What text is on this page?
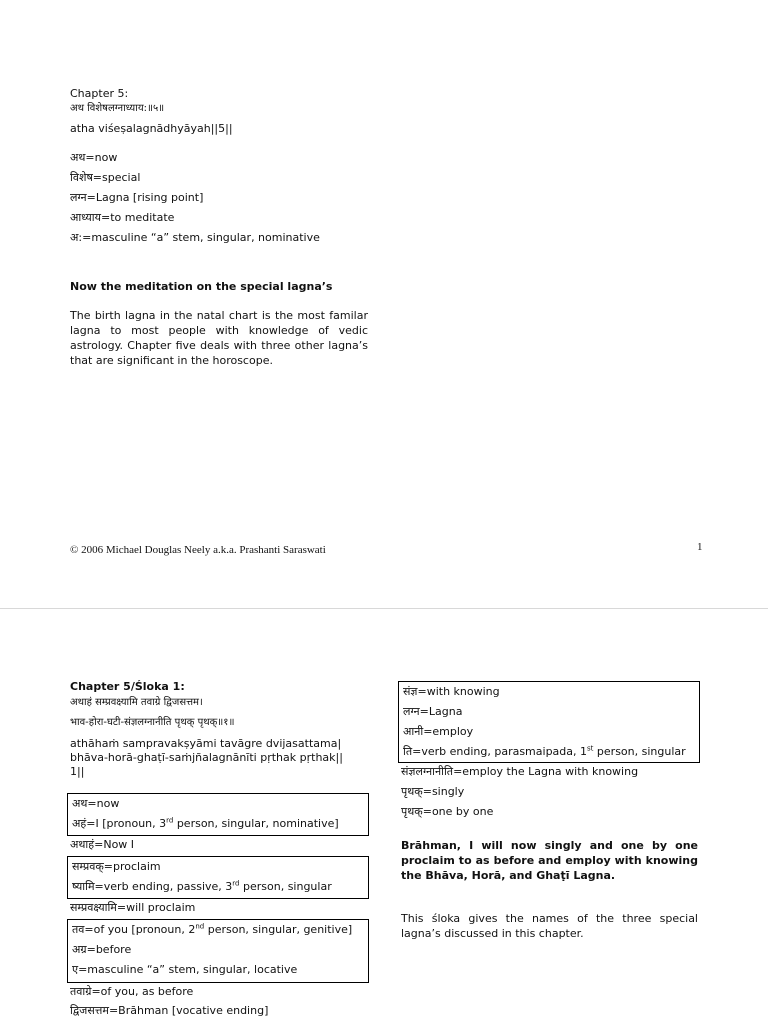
Chapter 5:
अथ विशेषलग्नाध्याय:॥५॥
atha viśeṣalagnādhyāyah||5||
अथ=now
विशेष=special
लग्न=Lagna [rising point]
आध्याय=to meditate
अ:=masculine “a” stem, singular, nominative
Now the meditation on the special lagna’s
The birth lagna in the natal chart is the most familar lagna to most people with knowledge of vedic astrology. Chapter five deals with three other lagna’s that are significant in the horoscope.
© 2006 Michael Douglas Neely a.k.a. Prashanti Saraswati	1
Chapter 5/Śloka 1:
अथाहं सम्प्रवक्ष्यामि तवाग्रे द्विजसत्तम।
भाव-होरा-घटी-संज्ञलग्नानीति पृथक् पृथक्॥१॥
athāhaṁ sampravakṣyāmi tavāgre dvijasattama|
bhāva-horā-ghaṭī-saṁjñalagnānīti pṛthak pṛthak||
1||
अथ=now
अहं=I [pronoun, 3rd person, singular, nominative]
अथाहं=Now I
सम्प्रवक्=proclaim
ष्यामि=verb ending, passive, 3rd person, singular
सम्प्रवक्ष्यामि=will proclaim
तव=of you [pronoun, 2nd person, singular, genitive]
अग्र=before
ए=masculine “a” stem, singular, locative
तवाग्रे=of you, as before
द्विजसत्तम=Brāhman [vocative ending]
संज्ञ=with knowing
लग्न=Lagna
आनी=employ
ति=verb ending, parasmaipada, 1st person, singular
संज्ञलग्नानीति=employ the Lagna with knowing
पृथक्=singly
पृथक्=one by one
Brāhman, I will now singly and one by one proclaim to as before and employ with knowing the Bhāva, Horā, and Ghaṭī Lagna.
This śloka gives the names of the three special lagna’s discussed in this chapter.
